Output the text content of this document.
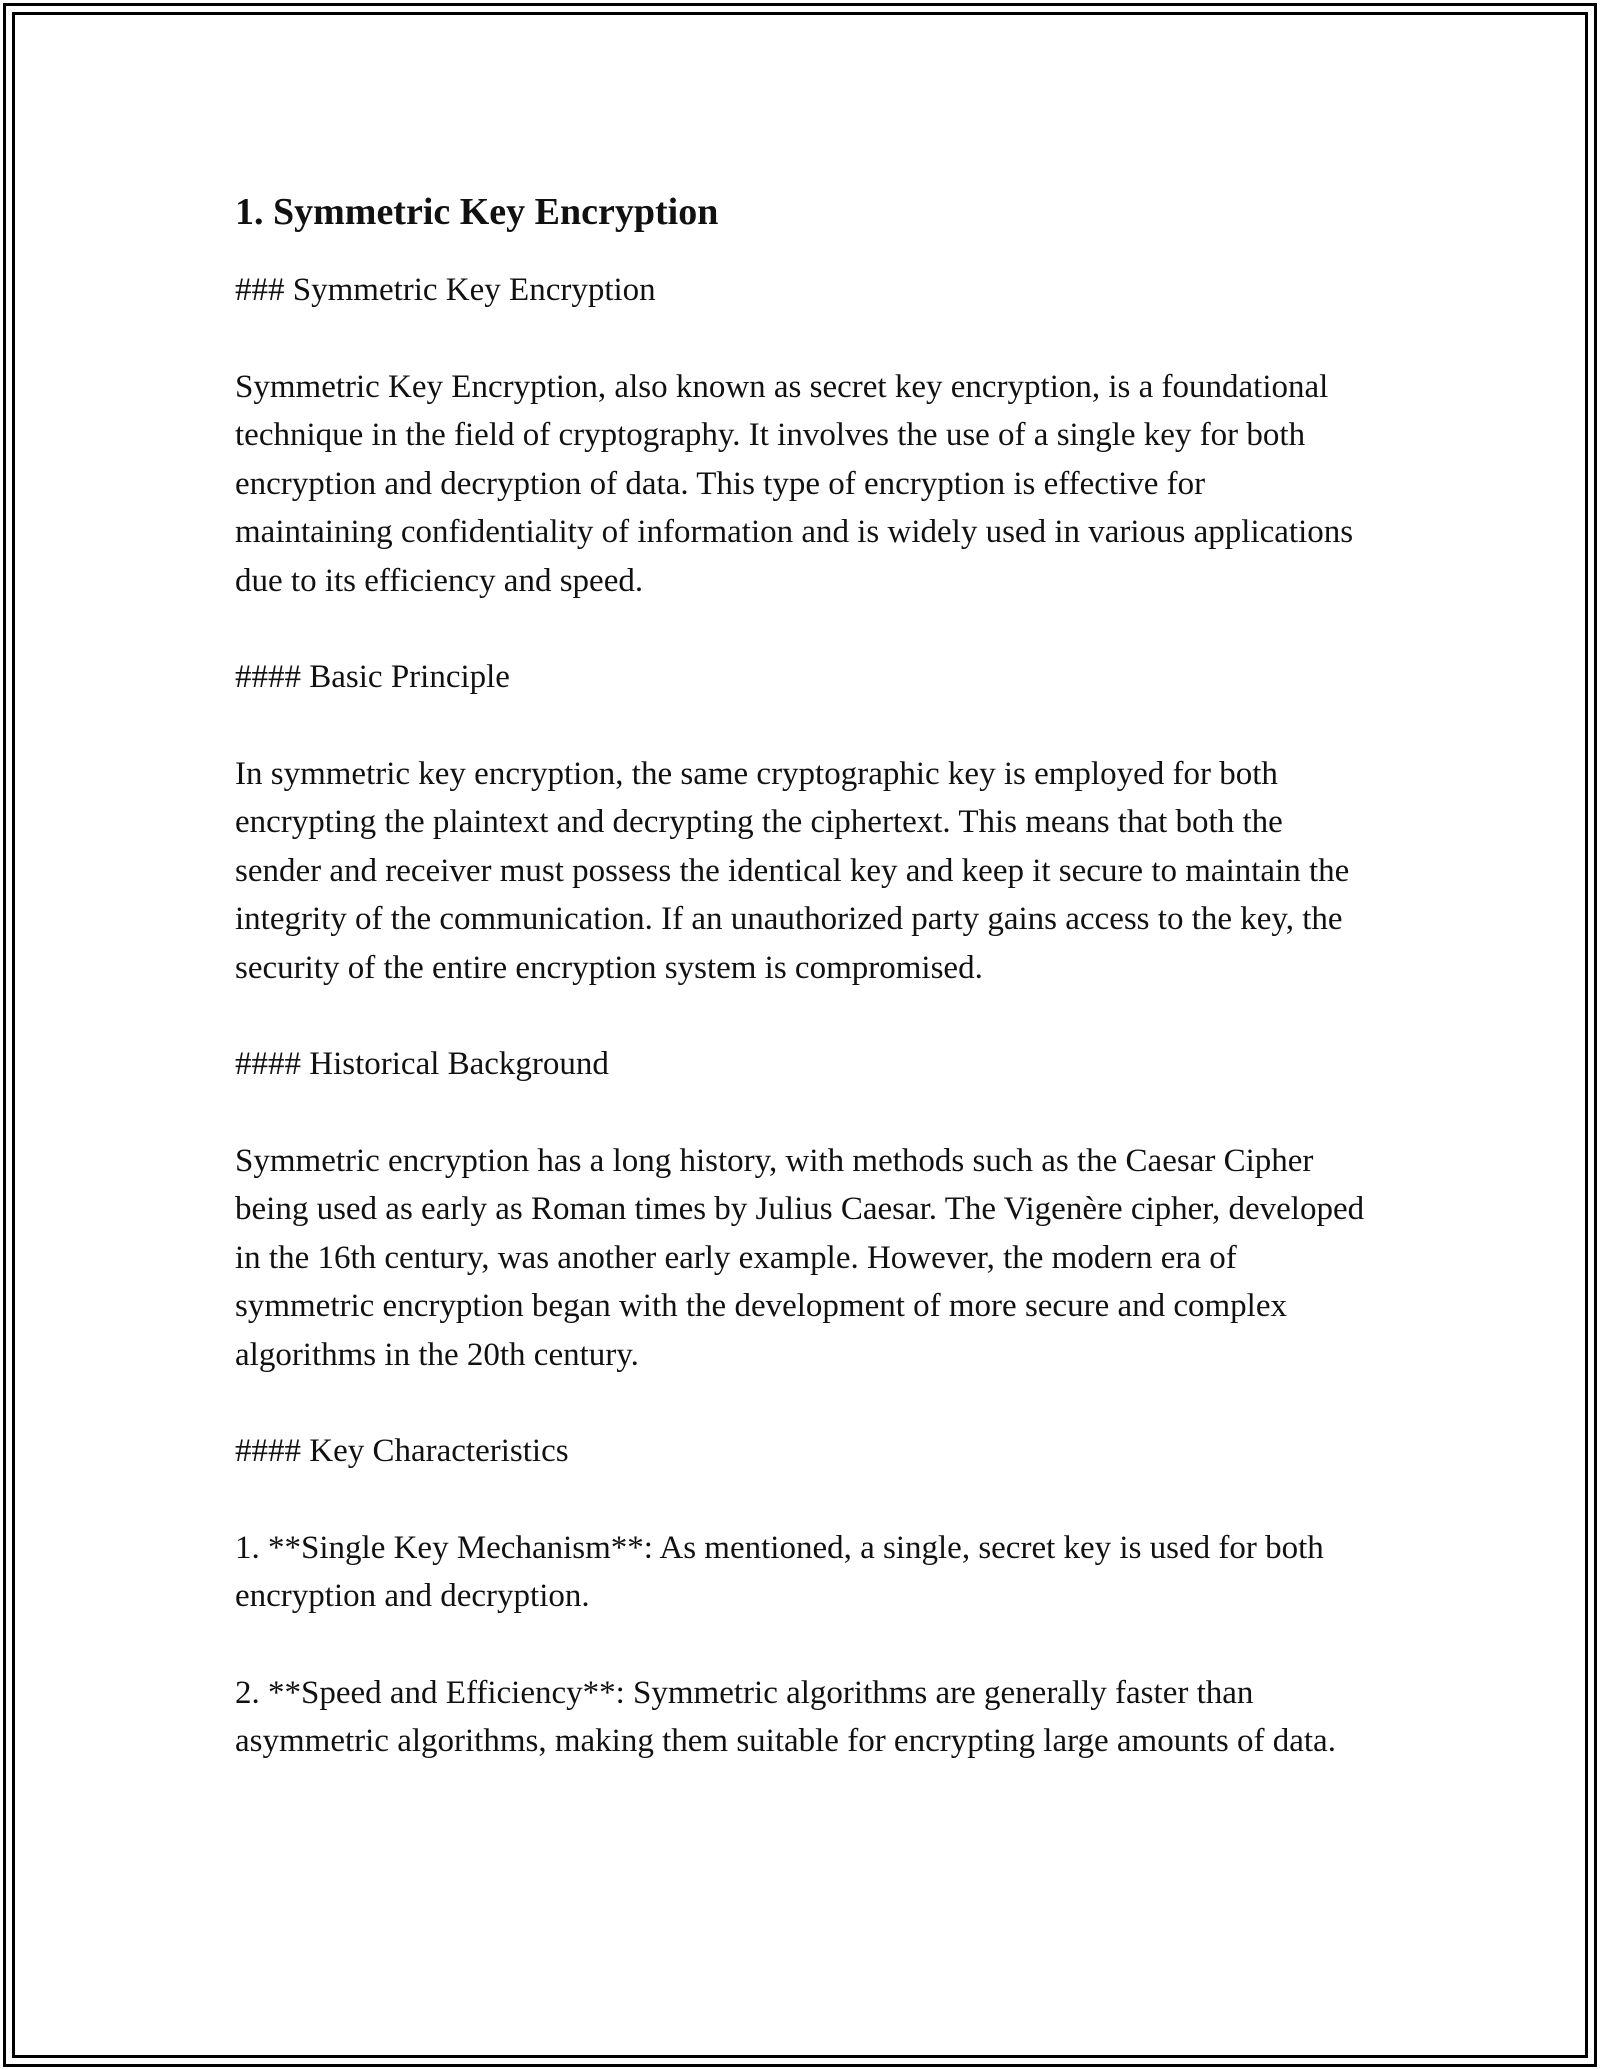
1. Symmetric Key Encryption

### Symmetric Key Encryption

Symmetric Key Encryption, also known as secret key encryption, is a foundational technique in the field of cryptography. It involves the use of a single key for both encryption and decryption of data. This type of encryption is effective for maintaining confidentiality of information and is widely used in various applications due to its efficiency and speed.

#### Basic Principle

In symmetric key encryption, the same cryptographic key is employed for both encrypting the plaintext and decrypting the ciphertext. This means that both the sender and receiver must possess the identical key and keep it secure to maintain the integrity of the communication. If an unauthorized party gains access to the key, the security of the entire encryption system is compromised.

#### Historical Background

Symmetric encryption has a long history, with methods such as the Caesar Cipher being used as early as Roman times by Julius Caesar. The Vigenère cipher, developed in the 16th century, was another early example. However, the modern era of symmetric encryption began with the development of more secure and complex algorithms in the 20th century.

#### Key Characteristics

1. **Single Key Mechanism**: As mentioned, a single, secret key is used for both encryption and decryption.

2. **Speed and Efficiency**: Symmetric algorithms are generally faster than asymmetric algorithms, making them suitable for encrypting large amounts of data.
